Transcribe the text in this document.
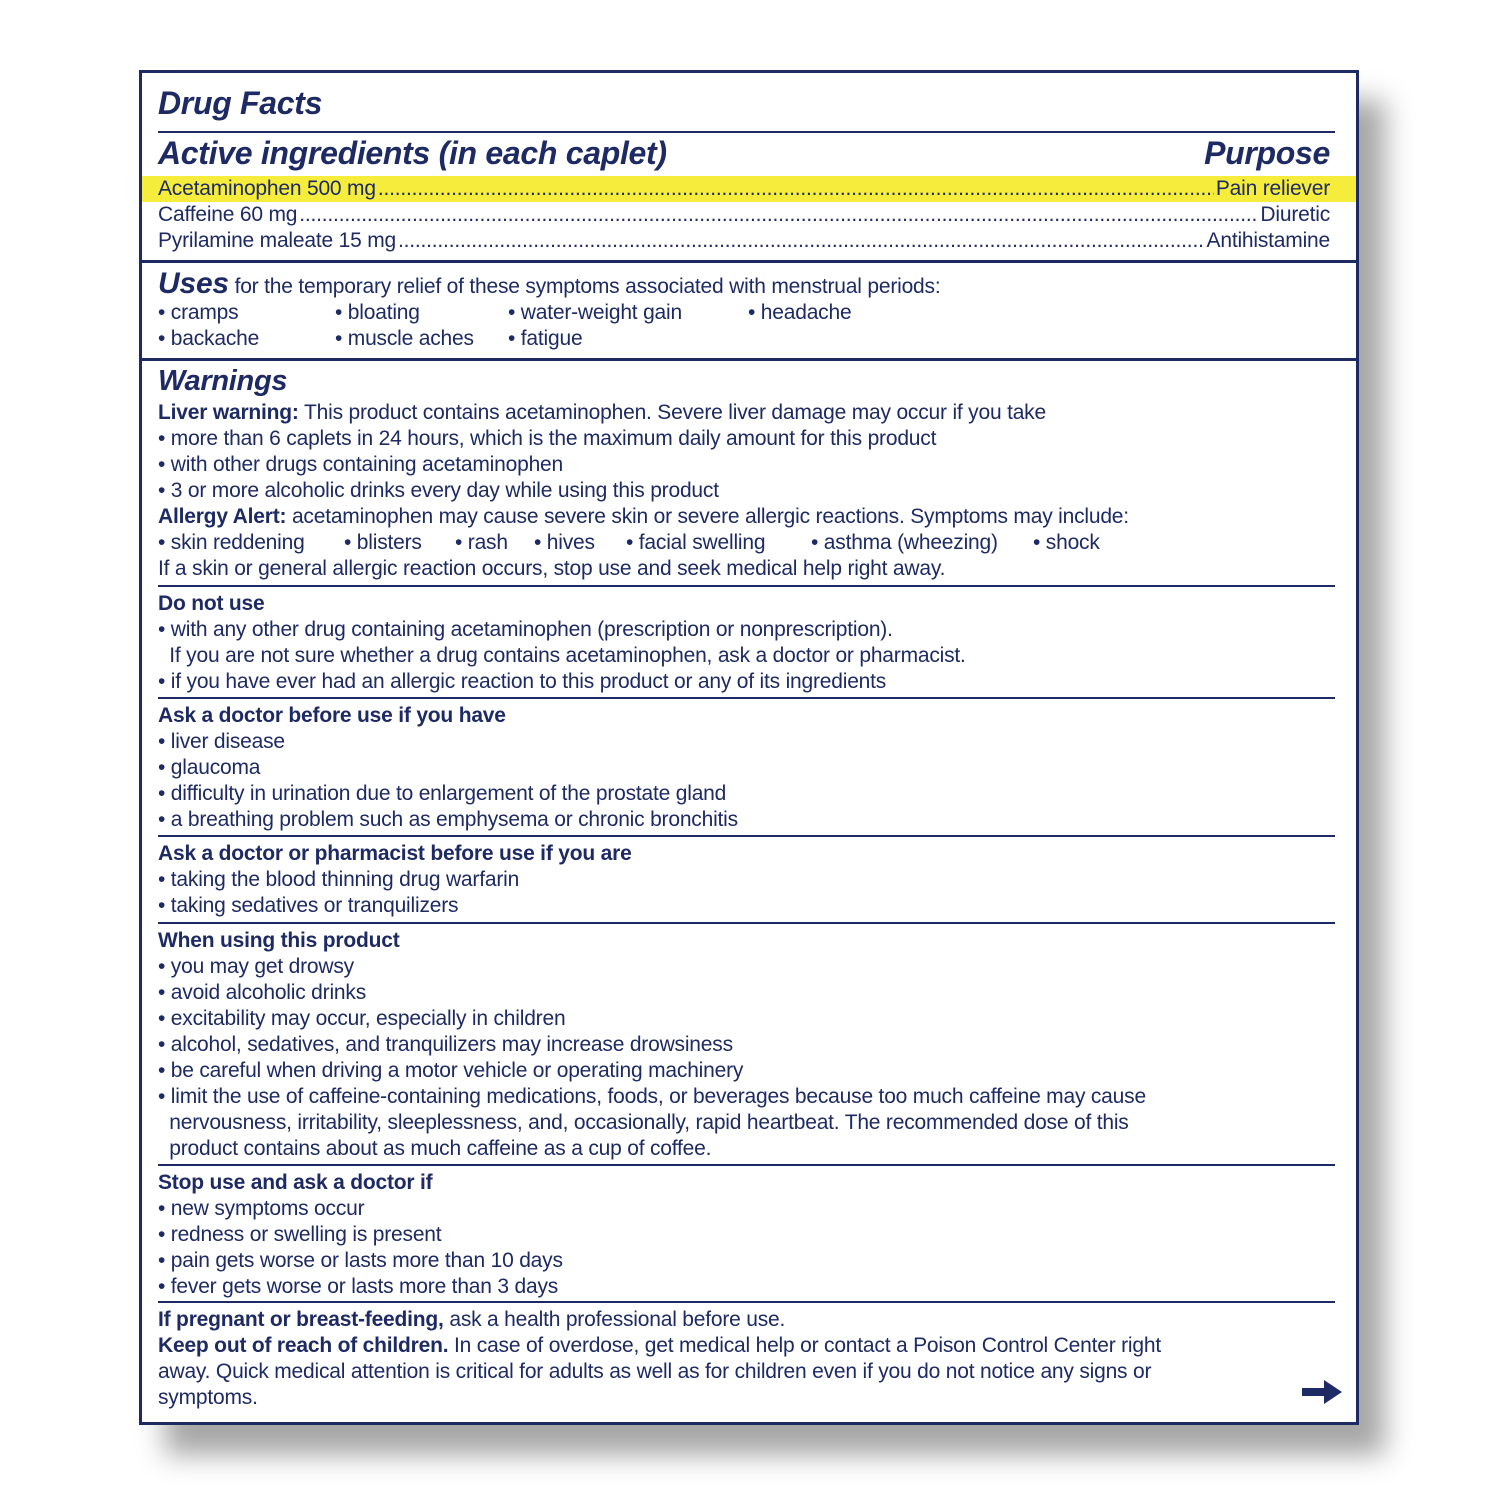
Drug Facts
Active ingredients (in each caplet)	Purpose
Acetaminophen 500 mg .....	Pain reliever
Caffeine 60 mg .....	Diuretic
Pyrilamine maleate 15 mg .....	Antihistamine
Uses for the temporary relief of these symptoms associated with menstrual periods:
• cramps	• bloating	• water-weight gain	• headache
• backache	• muscle aches • fatigue
Warnings
Liver warning: This product contains acetaminophen. Severe liver damage may occur if you take
• more than 6 caplets in 24 hours, which is the maximum daily amount for this product
• with other drugs containing acetaminophen
• 3 or more alcoholic drinks every day while using this product
Allergy Alert: acetaminophen may cause severe skin or severe allergic reactions. Symptoms may include:
• skin reddening • blisters • rash • hives • facial swelling • asthma (wheezing) • shock
If a skin or general allergic reaction occurs, stop use and seek medical help right away.
Do not use
• with any other drug containing acetaminophen (prescription or nonprescription).
If you are not sure whether a drug contains acetaminophen, ask a doctor or pharmacist.
• if you have ever had an allergic reaction to this product or any of its ingredients
Ask a doctor before use if you have
• liver disease
• glaucoma
• difficulty in urination due to enlargement of the prostate gland
• a breathing problem such as emphysema or chronic bronchitis
Ask a doctor or pharmacist before use if you are
• taking the blood thinning drug warfarin
• taking sedatives or tranquilizers
When using this product
• you may get drowsy
• avoid alcoholic drinks
• excitability may occur, especially in children
• alcohol, sedatives, and tranquilizers may increase drowsiness
• be careful when driving a motor vehicle or operating machinery
• limit the use of caffeine-containing medications, foods, or beverages because too much caffeine may cause
nervousness, irritability, sleeplessness, and, occasionally, rapid heartbeat. The recommended dose of this
product contains about as much caffeine as a cup of coffee.
Stop use and ask a doctor if
• new symptoms occur
• redness or swelling is present
• pain gets worse or lasts more than 10 days
• fever gets worse or lasts more than 3 days
If pregnant or breast-feeding, ask a health professional before use.
Keep out of reach of children. In case of overdose, get medical help or contact a Poison Control Center right
away. Quick medical attention is critical for adults as well as for children even if you do not notice any signs or
symptoms.
